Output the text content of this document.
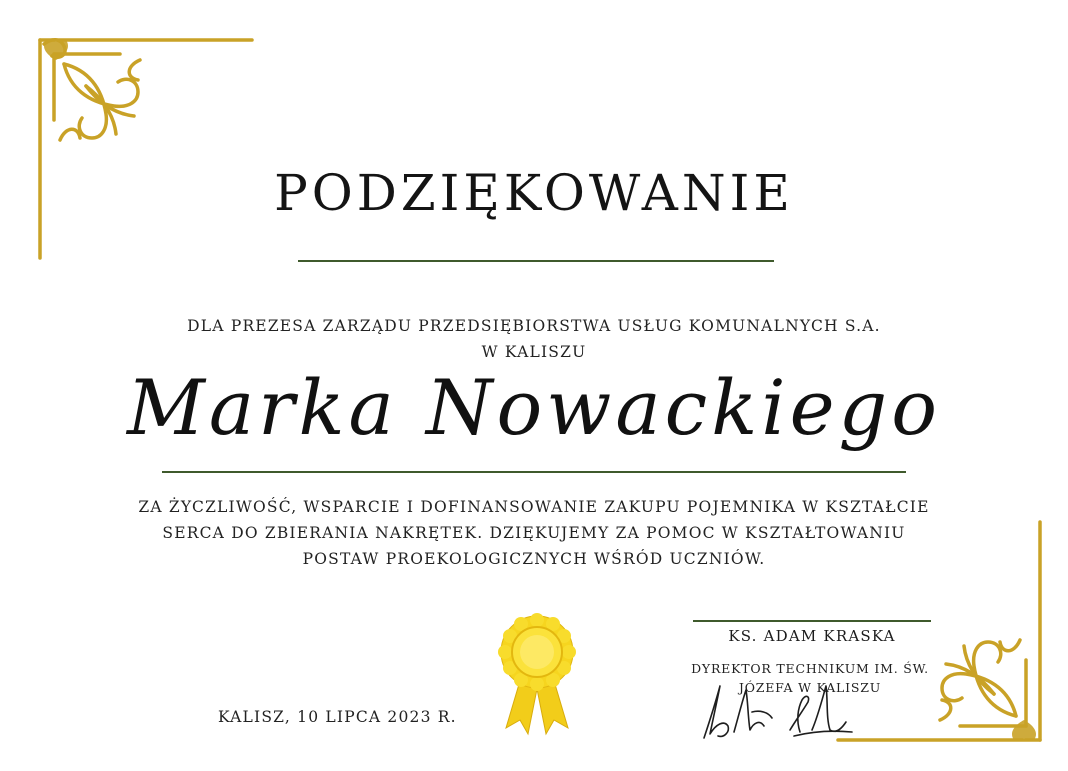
PODZIĘKOWANIE
DLA PREZESA ZARZĄDU PRZEDSIĘBIORSTWA USŁUG KOMUNALNYCH S.A.
W KALISZU
Marka Nowackiego
ZA ŻYCZLIWOŚĆ, WSPARCIE I DOFINANSOWANIE ZAKUPU POJEMNIKA W KSZTAŁCIE
SERCA DO ZBIERANIA NAKRĘTEK. DZIĘKUJEMY ZA POMOC W KSZTAŁTOWANIU
POSTAW PROEKOLOGICZNYCH WŚRÓD UCZNIÓW.
KALISZ, 10 LIPCA 2023 R.
KS. ADAM KRASKA
DYREKTOR TECHNIKUM IM. ŚW.
JÓZEFA W KALISZU
